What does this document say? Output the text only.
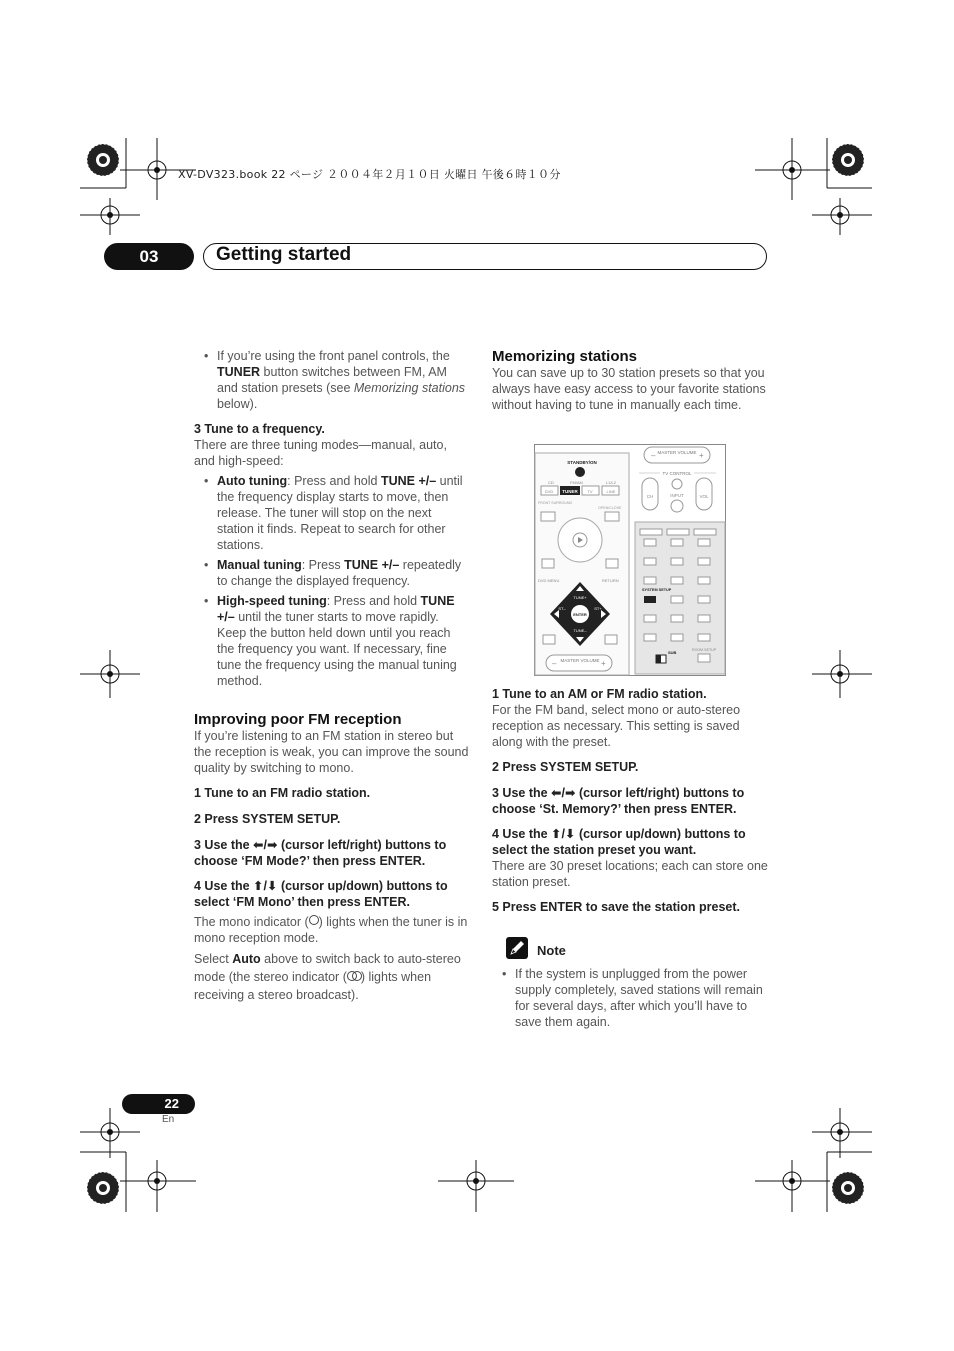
XV-DV323.book 22 ページ ２００４年２月１０日 火曜日 午後６時１０分
03	Getting started

• If you’re using the front panel controls, the TUNER button switches between FM, AM and station presets (see Memorizing stations below).

3 Tune to a frequency.

There are three tuning modes—manual, auto, and high-speed:

• Auto tuning: Press and hold TUNE +/– until the frequency display starts to move, then release. The tuner will stop on the next station it finds. Repeat to search for other stations.

• Manual tuning: Press TUNE +/– repeatedly to change the displayed frequency.

• High-speed tuning: Press and hold TUNE +/– until the tuner starts to move rapidly. Keep the button held down until you reach the frequency you want. If necessary, fine tune the frequency using the manual tuning method.

Improving poor FM reception

If you’re listening to an FM station in stereo but the reception is weak, you can improve the sound quality by switching to mono.

1 Tune to an FM radio station.

2 Press SYSTEM SETUP.

3 Use the ⬅/➡ (cursor left/right) buttons to choose ‘FM Mode?’ then press ENTER.

4 Use the ⬆/⬇ (cursor up/down) buttons to select ‘FM Mono’ then press ENTER.

The mono indicator ( ) lights when the tuner is in mono reception mode.

Select Auto above to switch back to auto-stereo mode (the stereo indicator ( ) lights when receiving a stereo broadcast).

Memorizing stations

You can save up to 30 station presets so that you always have easy access to your favorite stations without having to tune in manually each time.

MASTER VOLUME
–	+
TV CONTROL
CH	INPUT	VOL
STANDBY/ON
FM/AM
CD	L1/L2
DVD TUNER TV	LINE
FRONT SURROUND
OPEN/CLOSE
DVD MENU	RETURN
ENTER
TUNE+
TUNE–
ST–	ST+
MASTER VOLUME
–	+
SYSTEM SETUP
SUB	ROOM SETUP

1 Tune to an AM or FM radio station.

For the FM band, select mono or auto-stereo reception as necessary. This setting is saved along with the preset.

2 Press SYSTEM SETUP.

3 Use the ⬅/➡ (cursor left/right) buttons to choose ‘St. Memory?’ then press ENTER.

4 Use the ⬆/⬇ (cursor up/down) buttons to select the station preset you want.

There are 30 preset locations; each can store one station preset.

5 Press ENTER to save the station preset.

Note

• If the system is unplugged from the power supply completely, saved stations will remain for several days, after which you’ll have to save them again.

22
En
